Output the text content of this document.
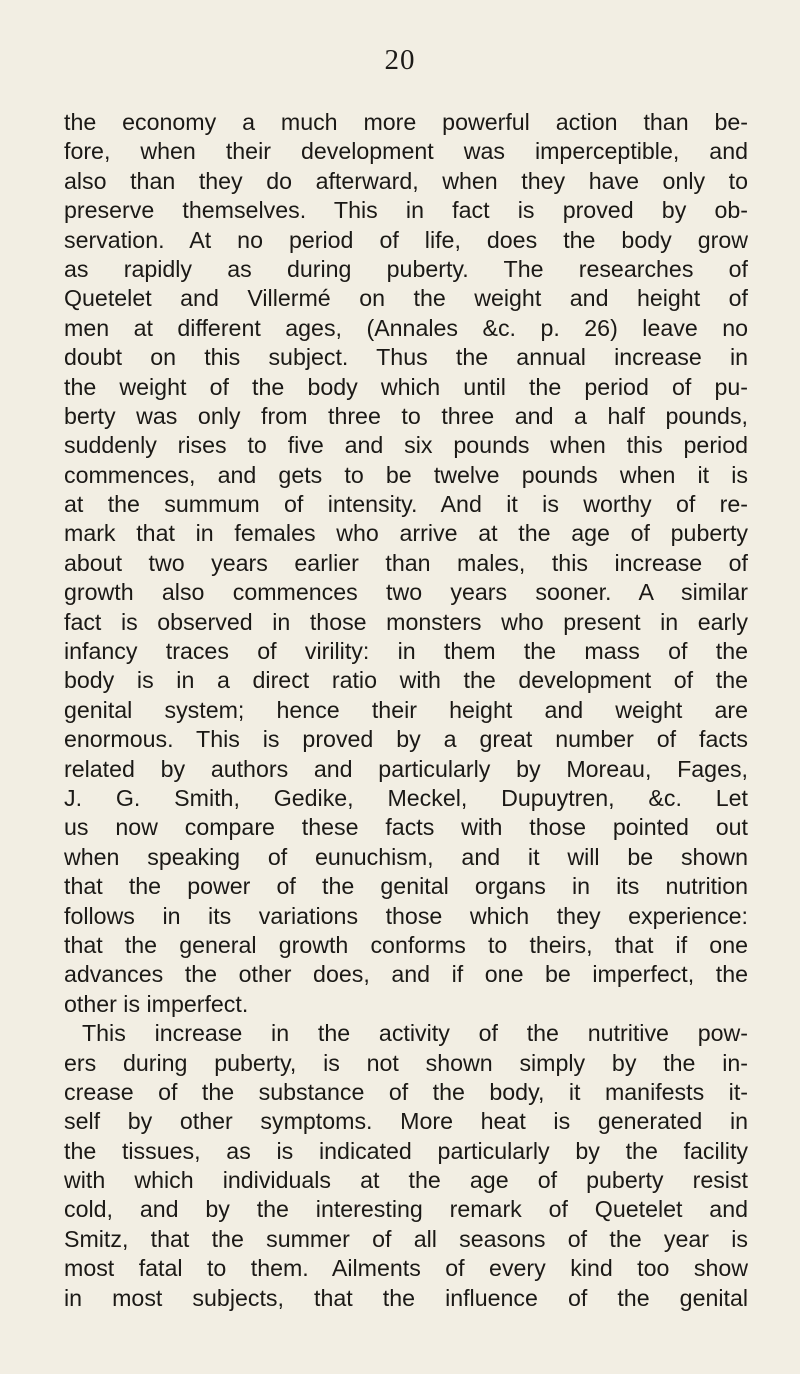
20
the economy a much more powerful action than be-
fore, when their development was imperceptible, and
also than they do afterward, when they have only to
preserve themselves. This in fact is proved by ob-
servation. At no period of life, does the body grow
as rapidly as during puberty. The researches of
Quetelet and Villermé on the weight and height of
men at different ages, (Annales &c. p. 26) leave no
doubt on this subject. Thus the annual increase in
the weight of the body which until the period of pu-
berty was only from three to three and a half pounds,
suddenly rises to five and six pounds when this period
commences, and gets to be twelve pounds when it is
at the summum of intensity. And it is worthy of re-
mark that in females who arrive at the age of puberty
about two years earlier than males, this increase of
growth also commences two years sooner. A similar
fact is observed in those monsters who present in early
infancy traces of virility: in them the mass of the
body is in a direct ratio with the development of the
genital system; hence their height and weight are
enormous. This is proved by a great number of facts
related by authors and particularly by Moreau, Fages,
J. G. Smith, Gedike, Meckel, Dupuytren, &c. Let
us now compare these facts with those pointed out
when speaking of eunuchism, and it will be shown
that the power of the genital organs in its nutrition
follows in its variations those which they experience:
that the general growth conforms to theirs, that if one
advances the other does, and if one be imperfect, the
other is imperfect.
This increase in the activity of the nutritive pow-
ers during puberty, is not shown simply by the in-
crease of the substance of the body, it manifests it-
self by other symptoms. More heat is generated in
the tissues, as is indicated particularly by the facility
with which individuals at the age of puberty resist
cold, and by the interesting remark of Quetelet and
Smitz, that the summer of all seasons of the year is
most fatal to them. Ailments of every kind too show
in most subjects, that the influence of the genital
